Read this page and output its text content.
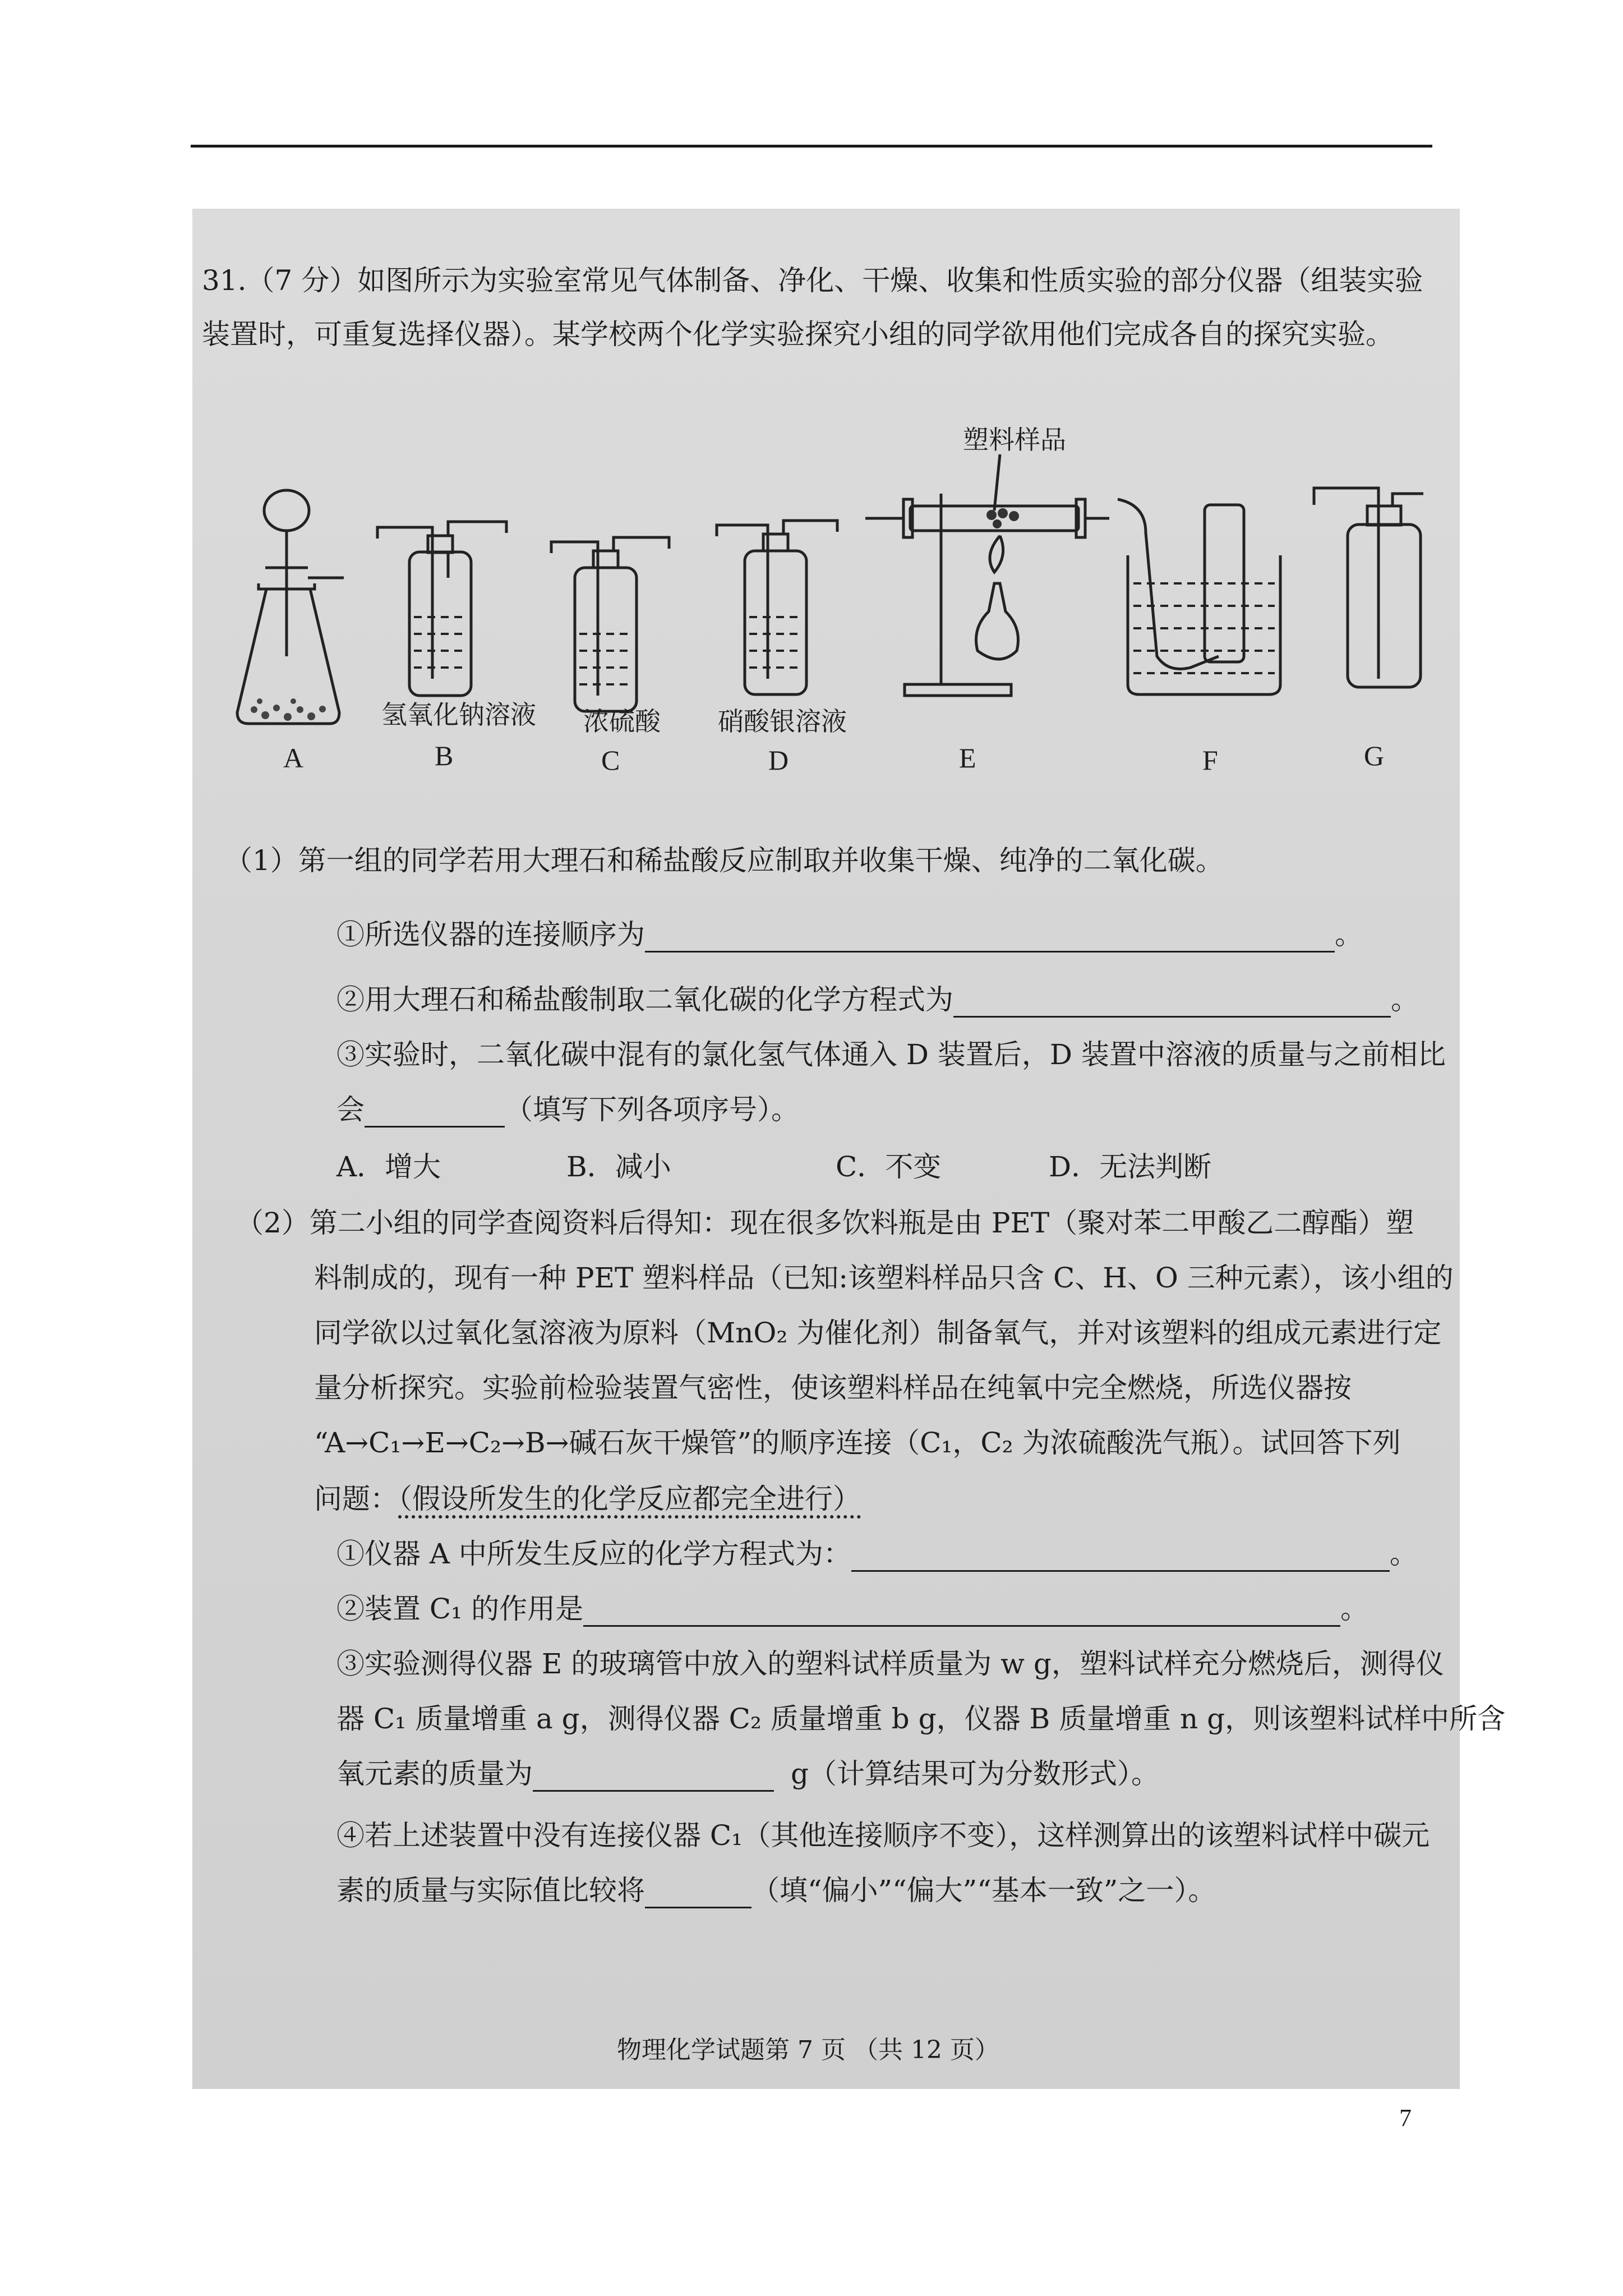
31.（7 分）如图所示为实验室常见气体制备、净化、干燥、收集和性质实验的部分仪器（组装实验装置时，可重复选择仪器）。某学校两个化学实验探究小组的同学欲用他们完成各自的探究实验。
塑料样品
氢氧化钠溶液 浓硫酸 硝酸银溶液
A	B	C	D	E	F	G
（1）第一组的同学若用大理石和稀盐酸反应制取并收集干燥、纯净的二氧化碳。
①所选仪器的连接顺序为	。
②用大理石和稀盐酸制取二氧化碳的化学方程式为	。
③实验时，二氧化碳中混有的氯化氢气体通入 D 装置后，D 装置中溶液的质量与之前相比
会	（填写下列各项序号）。
A．增大	B．减小	C．不变	D．无法判断
（2）第二小组的同学查阅资料后得知：现在很多饮料瓶是由 PET（聚对苯二甲酸乙二醇酯）塑
料制成的，现有一种 PET 塑料样品（已知:该塑料样品只含 C、H、O 三种元素），该小组的
同学欲以过氧化氢溶液为原料（MnO₂ 为催化剂）制备氧气，并对该塑料的组成元素进行定
量分析探究。实验前检验装置气密性，使该塑料样品在纯氧中完全燃烧，所选仪器按
“A→C₁→E→C₂→B→碱石灰干燥管”的顺序连接（C₁，C₂ 为浓硫酸洗气瓶）。试回答下列
问题：（假设所发生的化学反应都完全进行）
①仪器 A 中所发生反应的化学方程式为：	。
②装置 C₁ 的作用是	。
③实验测得仪器 E 的玻璃管中放入的塑料试样质量为 w g，塑料试样充分燃烧后，测得仪
器 C₁ 质量增重 a g，测得仪器 C₂ 质量增重 b g，仪器 B 质量增重 n g，则该塑料试样中所含
氧元素的质量为	g（计算结果可为分数形式）。
④若上述装置中没有连接仪器 C₁（其他连接顺序不变），这样测算出的该塑料试样中碳元
素的质量与实际值比较将	（填“偏小”“偏大”“基本一致”之一）。
物理化学试题第 7 页 （共 12 页）
7
